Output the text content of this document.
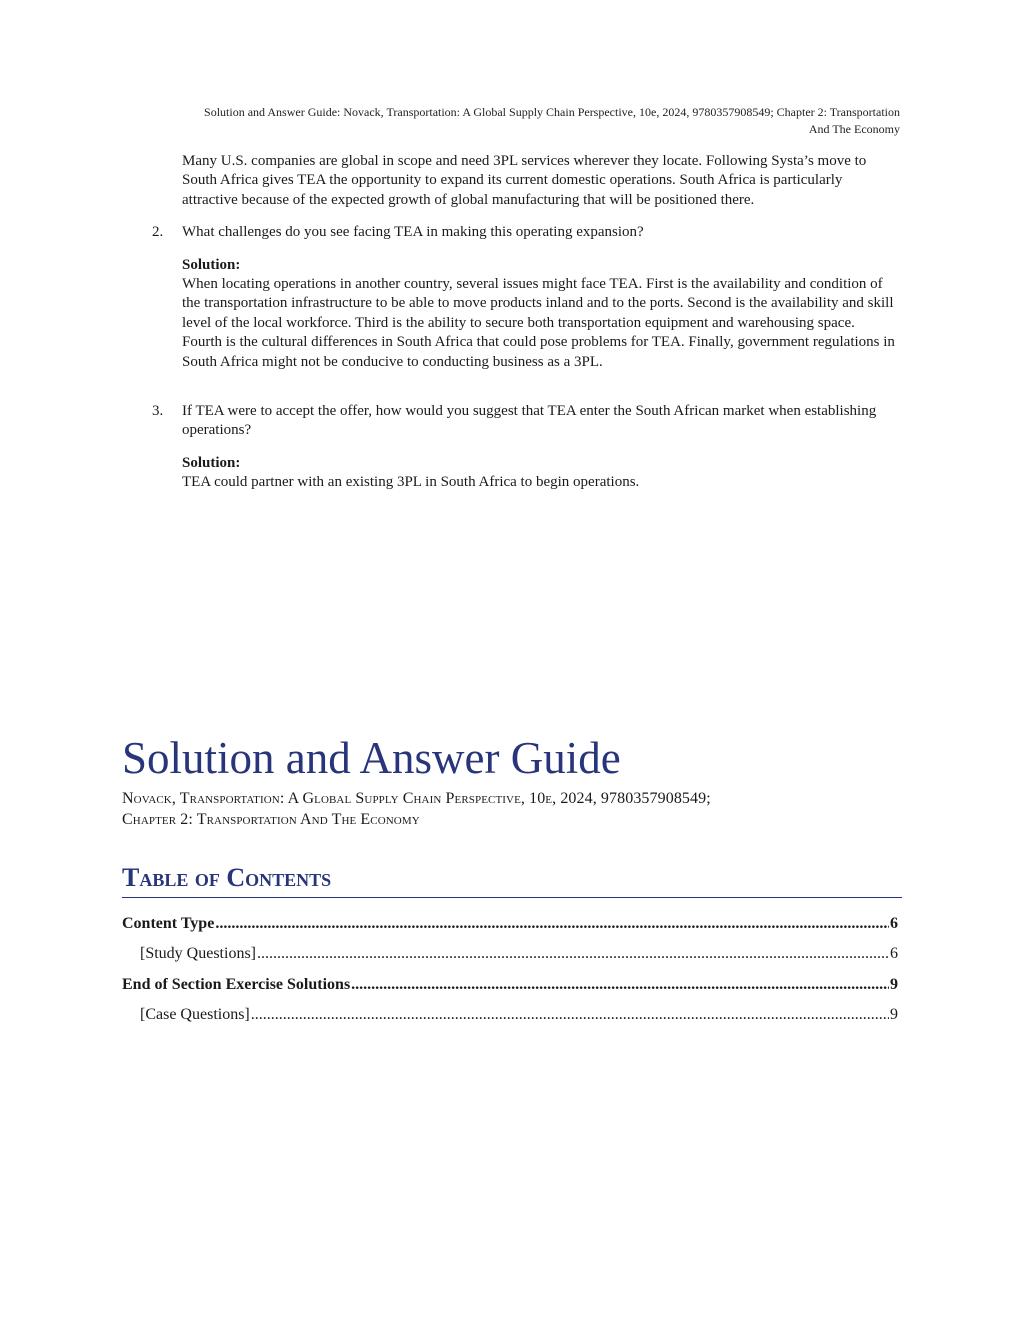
Solution and Answer Guide: Novack, Transportation: A Global Supply Chain Perspective, 10e, 2024, 9780357908549; Chapter 2: Transportation
And The Economy
Many U.S. companies are global in scope and need 3PL services wherever they locate. Following Systa’s move to South Africa gives TEA the opportunity to expand its current domestic operations. South Africa is particularly attractive because of the expected growth of global manufacturing that will be positioned there.
2.	What challenges do you see facing TEA in making this operating expansion?
Solution:
When locating operations in another country, several issues might face TEA. First is the availability and condition of the transportation infrastructure to be able to move products inland and to the ports. Second is the availability and skill level of the local workforce. Third is the ability to secure both transportation equipment and warehousing space. Fourth is the cultural differences in South Africa that could pose problems for TEA. Finally, government regulations in South Africa might not be conducive to conducting business as a 3PL.
3.	If TEA were to accept the offer, how would you suggest that TEA enter the South African market when establishing operations?
Solution:
TEA could partner with an existing 3PL in South Africa to begin operations.
Solution and Answer Guide
Novack, Transportation: A Global Supply Chain Perspective, 10e, 2024, 9780357908549;
Chapter 2: Transportation And The Economy
Table of Contents
Content Type .....	6
[Study Questions] .....	6
End of Section Exercise Solutions .....	9
[Case Questions] .....	9
